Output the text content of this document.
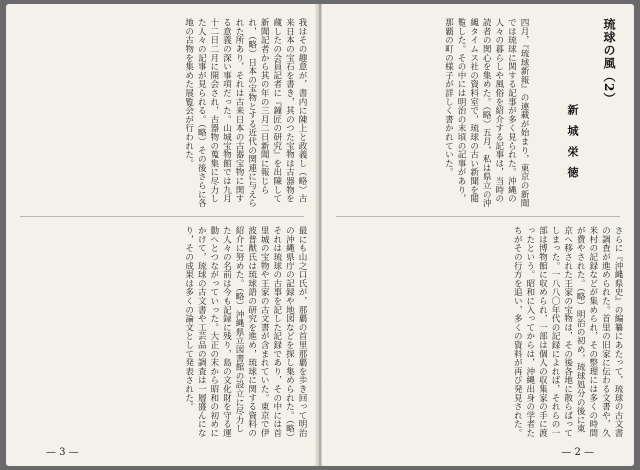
我はその趣意が，書内に陳上と政義し（略）古来日本の宝石を書き，其のつた宝物は古器物を蔵したの会員記者に『鐘匠の研究』を出陳して新聞記者から其の年の三月二日新聞に報じられ，（略）日本の宝物とする近代の関連に与えられた所あり，それは古来日本の古器宝物に関する意義の深い事項だった。山城宝物館では九月十二日二月に開会され，古器物の蒐集に尽力した人々の記事が見られる。（略）その後さらに各地の古物を集めた展覧会が行われた。
最にも山之口氏が，那覇の首里那覇を歩き回って明治の沖縄県庁の記録や地図などを探し集められた。（略）それは琉球の古事を記した記録であり，その中には首里城の宝物や王家の古文書が含まれていた。東京で伊波普猷氏は琉球語の研究を進め，琉球に関する資料の紹介に努めた。（略）沖縄県立図書館の設立に尽力した人々の名前は今も記録に残り，島の文化財を守る運動へとつながっていった。大正の末から昭和の初めにかけて，琉球の古文書や工芸品の調査は一層盛んになり，その成果は多くの論文として発表された。
— 3 —
琉球の風（2）
新 城 栄 徳
四月，『琉球新報』の連載が始まり，東京の新聞では琉球に関する記事が多く見られた。沖縄の人々の暮らしや風俗を紹介する記事は，当時の読者の関心を集めた。（略）五月，私は県立の沖縄タイムス社の資料室で，琉球の古い新聞を閲覧した。その中には明治の末頃の記事があり，那覇の町の様子が詳しく書かれていた。
さらに『沖縄県史』の編纂にあたって，琉球の古文書の調査が進められた。首里の旧家に伝わる文書や，久米村の記録などが集められ，その整理には多くの時間が費やされた。（略）明治の初め，琉球処分の後に東京へ移された王家の宝物は，その後各地に散らばってしまった。一八八〇年代の記録によれば，それらの一部は博物館に収められ，一部は個人の収集家の手に渡ったという。昭和に入ってからは，沖縄出身の学者たちがその行方を追い，多くの資料が再び発見された。
— 2 —
